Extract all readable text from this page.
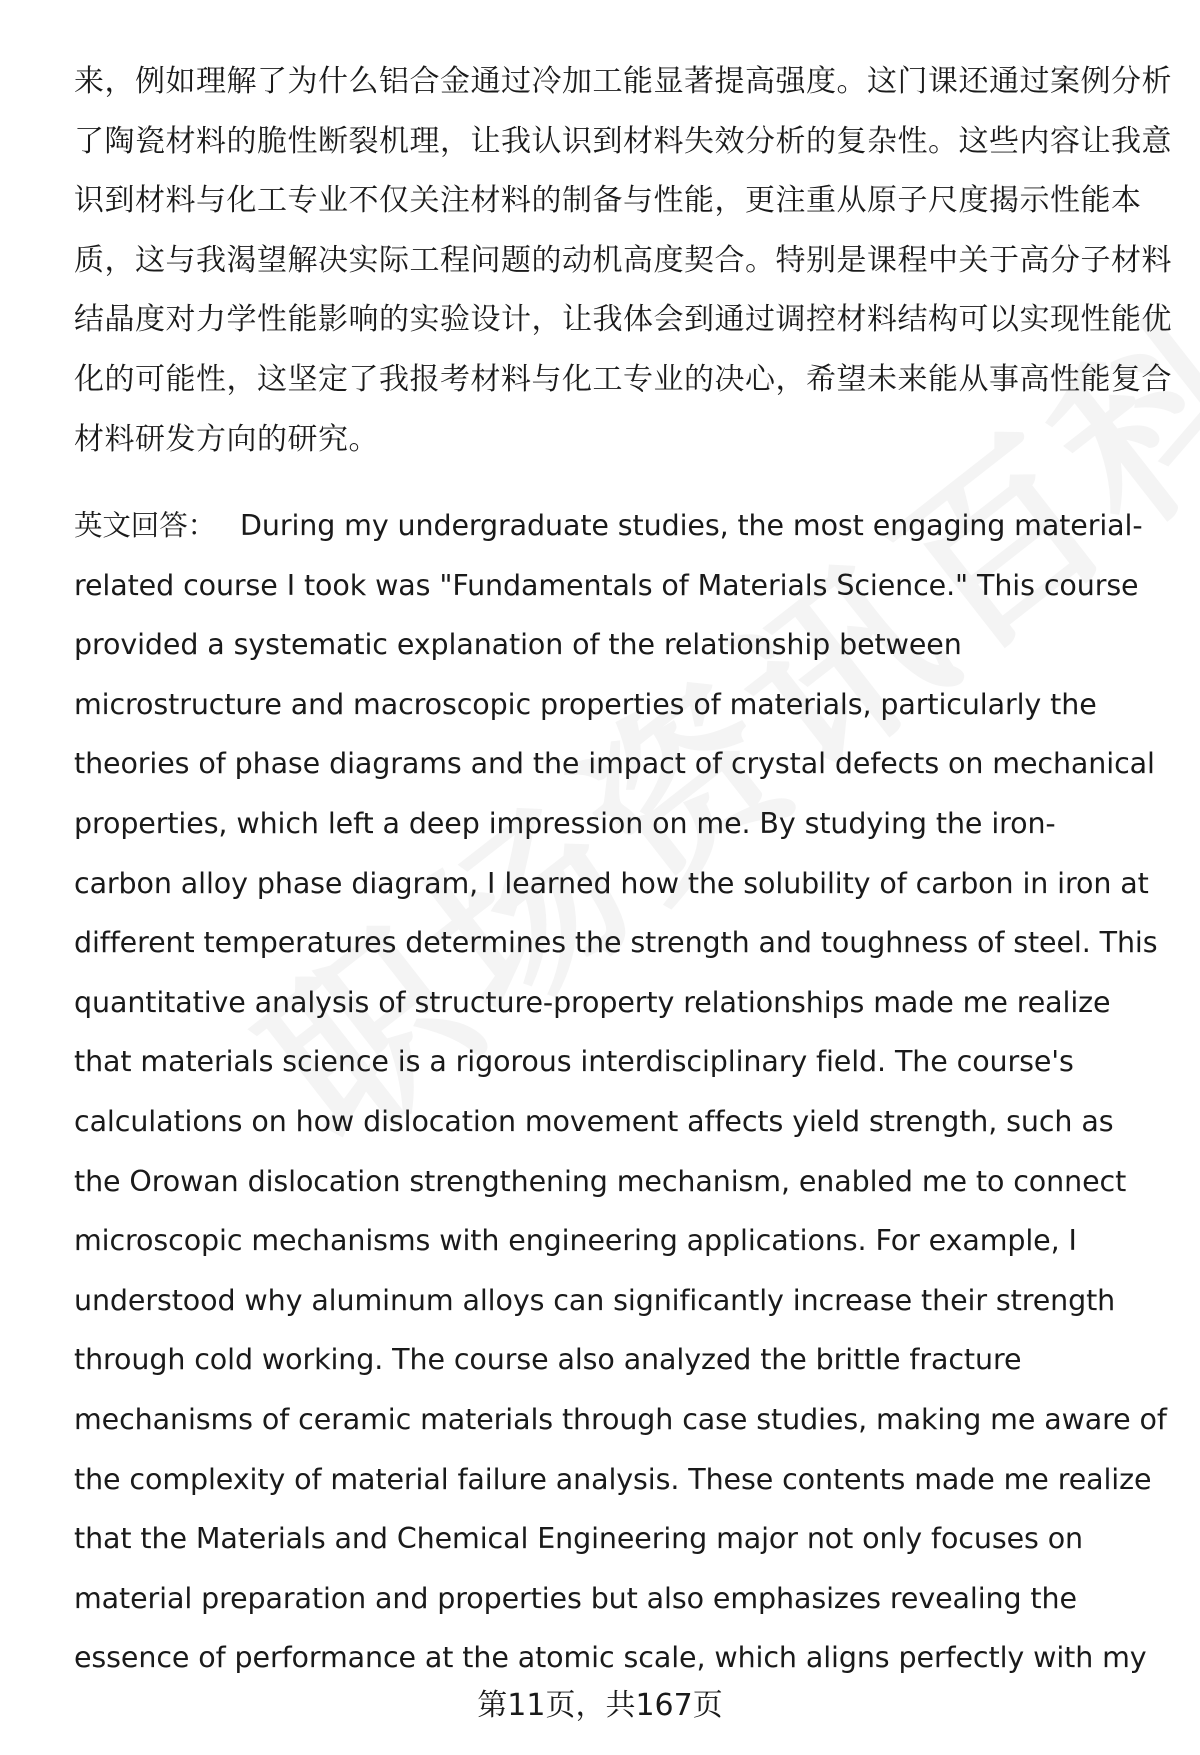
来，例如理解了为什么铝合金通过冷加工能显著提高强度。这门课还通过案例分析
了陶瓷材料的脆性断裂机理，让我认识到材料失效分析的复杂性。这些内容让我意
识到材料与化工专业不仅关注材料的制备与性能，更注重从原子尺度揭示性能本
质，这与我渴望解决实际工程问题的动机高度契合。特别是课程中关于高分子材料
结晶度对力学性能影响的实验设计，让我体会到通过调控材料结构可以实现性能优
化的可能性，这坚定了我报考材料与化工专业的决心，希望未来能从事高性能复合
材料研发方向的研究。
英文回答： During my undergraduate studies, the most engaging material-
related course I took was "Fundamentals of Materials Science." This course
provided a systematic explanation of the relationship between
microstructure and macroscopic properties of materials, particularly the
theories of phase diagrams and the impact of crystal defects on mechanical
properties, which left a deep impression on me. By studying the iron-
carbon alloy phase diagram, I learned how the solubility of carbon in iron at
different temperatures determines the strength and toughness of steel. This
quantitative analysis of structure-property relationships made me realize
that materials science is a rigorous interdisciplinary field. The course's
calculations on how dislocation movement affects yield strength, such as
the Orowan dislocation strengthening mechanism, enabled me to connect
microscopic mechanisms with engineering applications. For example, I
understood why aluminum alloys can significantly increase their strength
through cold working. The course also analyzed the brittle fracture
mechanisms of ceramic materials through case studies, making me aware of
the complexity of material failure analysis. These contents made me realize
that the Materials and Chemical Engineering major not only focuses on
material preparation and properties but also emphasizes revealing the
essence of performance at the atomic scale, which aligns perfectly with my
第11页，共167页
